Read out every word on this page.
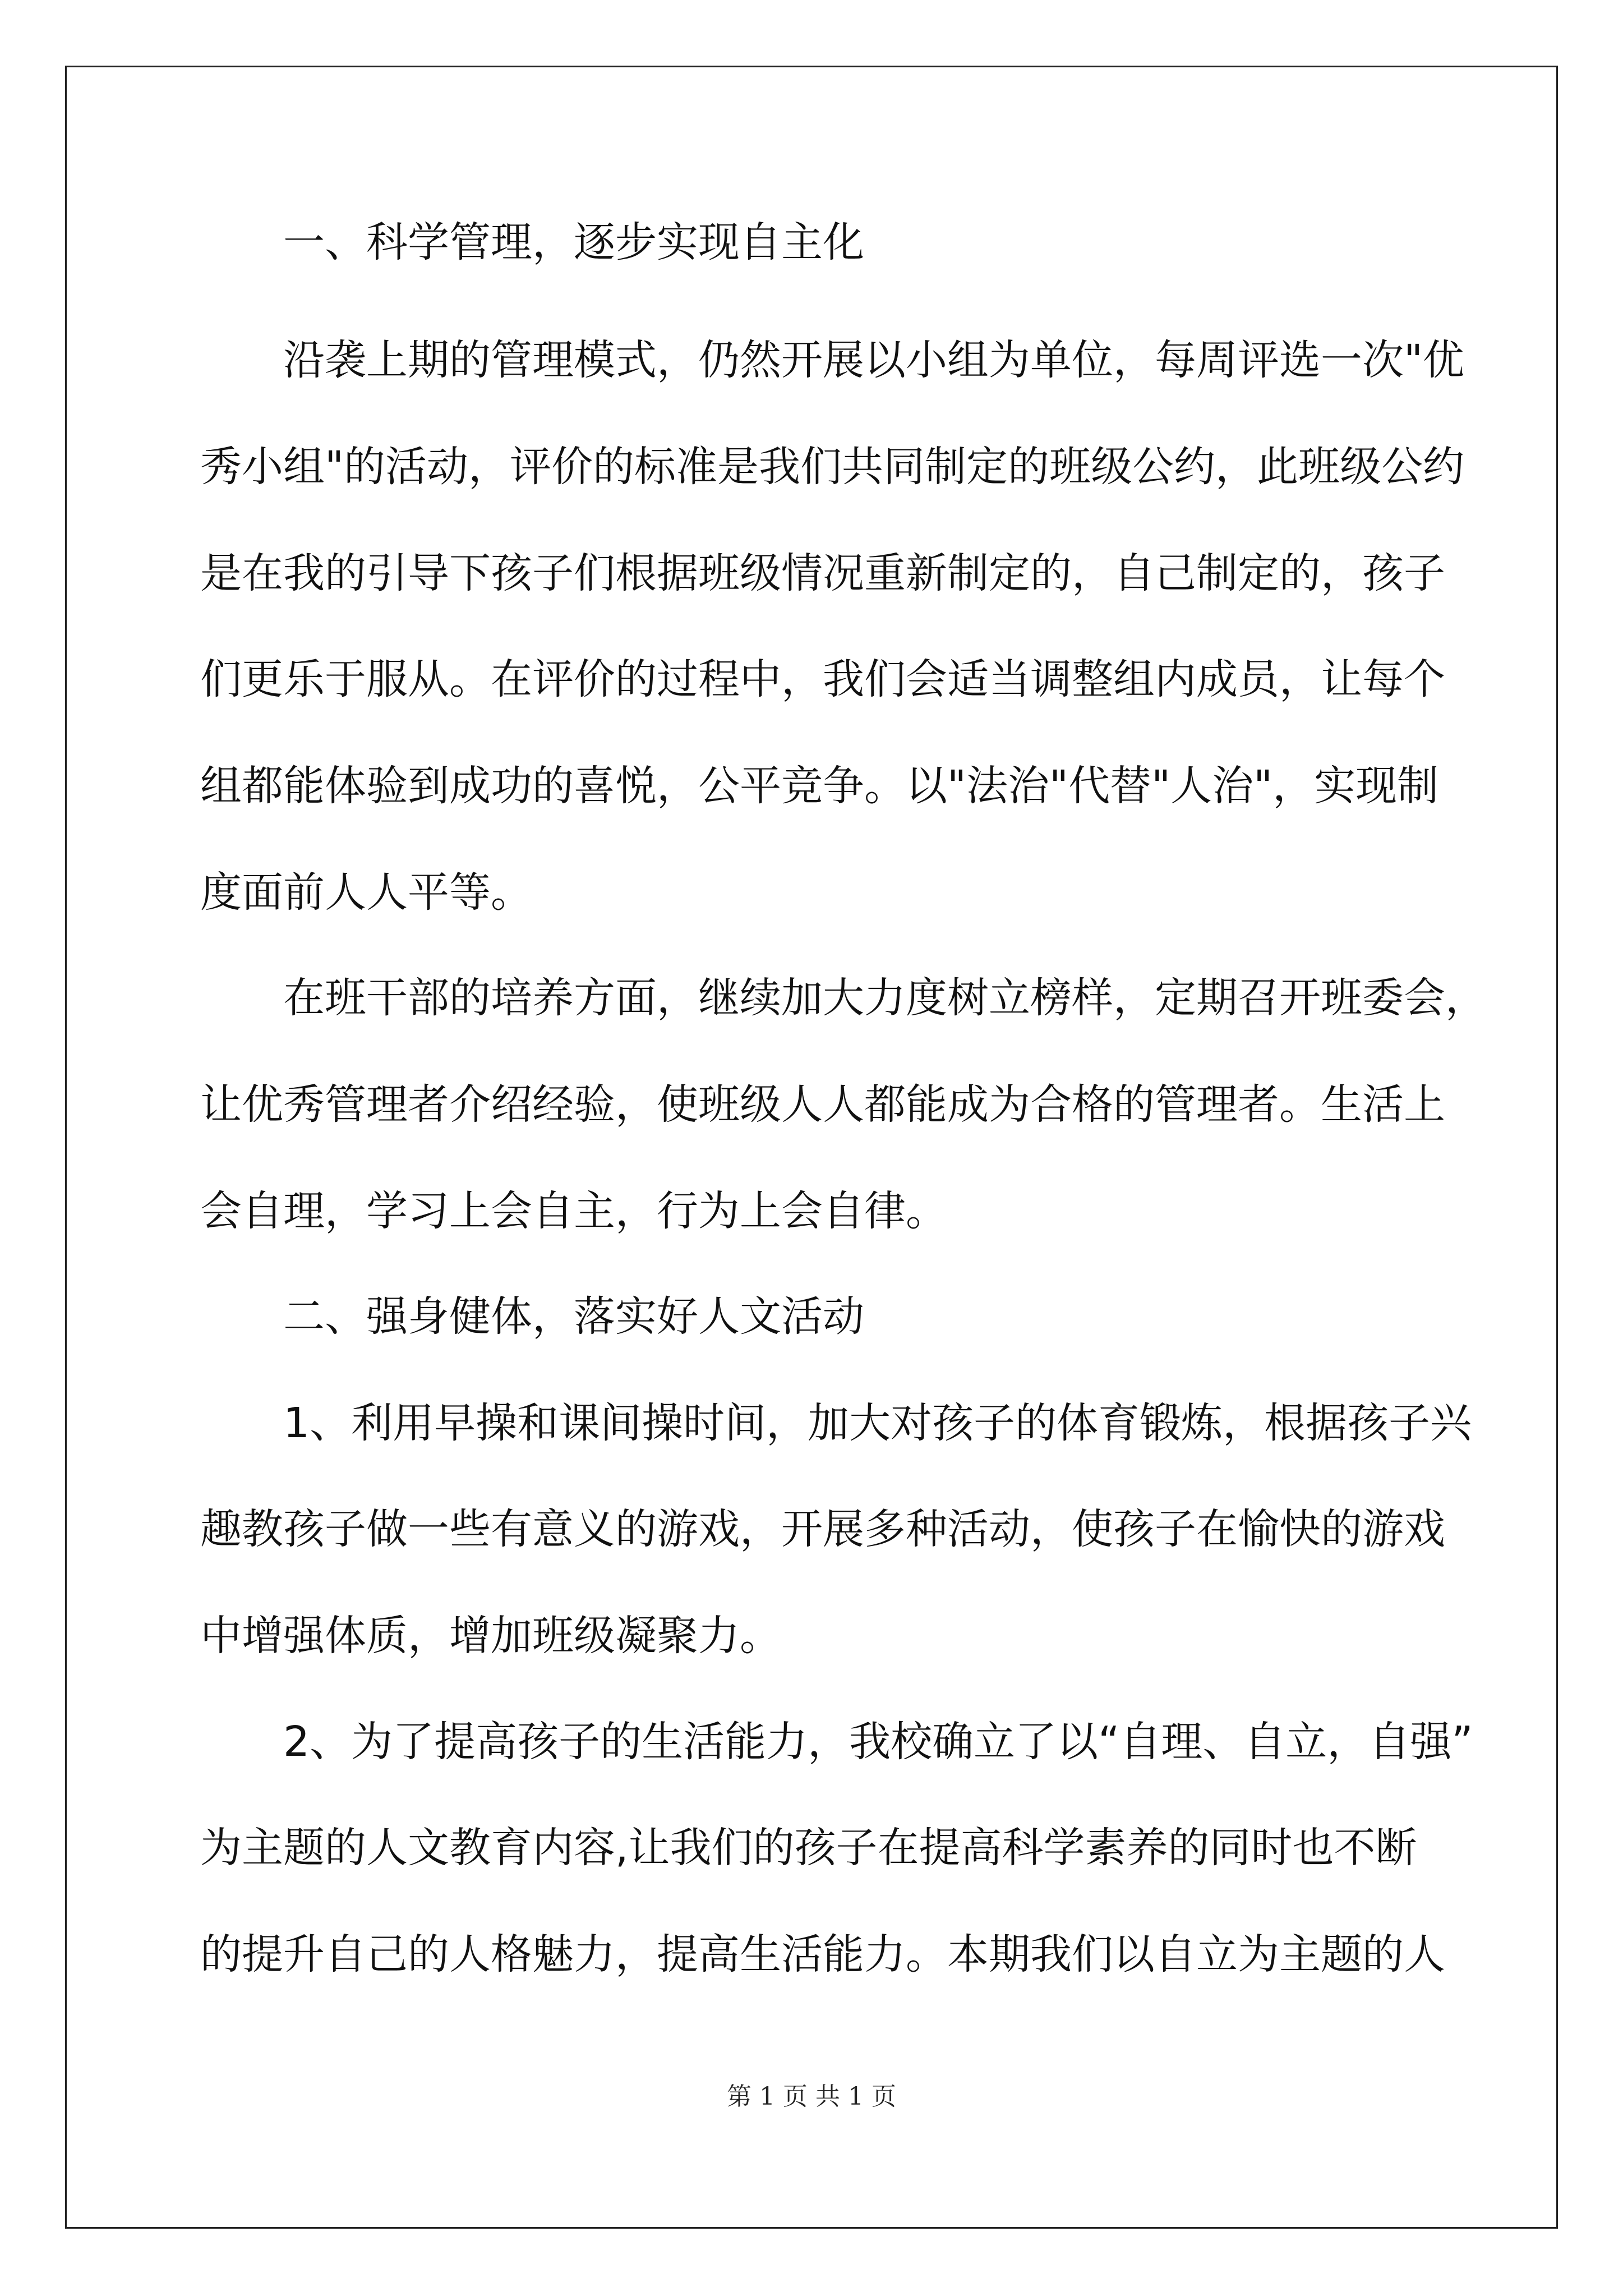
一、科学管理，逐步实现自主化
沿袭上期的管理模式，仍然开展以小组为单位，每周评选一次"优
秀小组"的活动，评价的标准是我们共同制定的班级公约，此班级公约
是在我的引导下孩子们根据班级情况重新制定的，自己制定的，孩子
们更乐于服从。在评价的过程中，我们会适当调整组内成员，让每个
组都能体验到成功的喜悦，公平竞争。以"法治"代替"人治"，实现制
度面前人人平等。
在班干部的培养方面，继续加大力度树立榜样，定期召开班委会，
让优秀管理者介绍经验，使班级人人都能成为合格的管理者。生活上
会自理，学习上会自主，行为上会自律。
二、强身健体，落实好人文活动
1、利用早操和课间操时间，加大对孩子的体育锻炼，根据孩子兴
趣教孩子做一些有意义的游戏，开展多种活动，使孩子在愉快的游戏
中增强体质，增加班级凝聚力。
2、为了提高孩子的生活能力，我校确立了以“自理、自立，自强”
为主题的人文教育内容,让我们的孩子在提高科学素养的同时也不断
的提升自己的人格魅力，提高生活能力。本期我们以自立为主题的人
第 1 页 共 1 页
